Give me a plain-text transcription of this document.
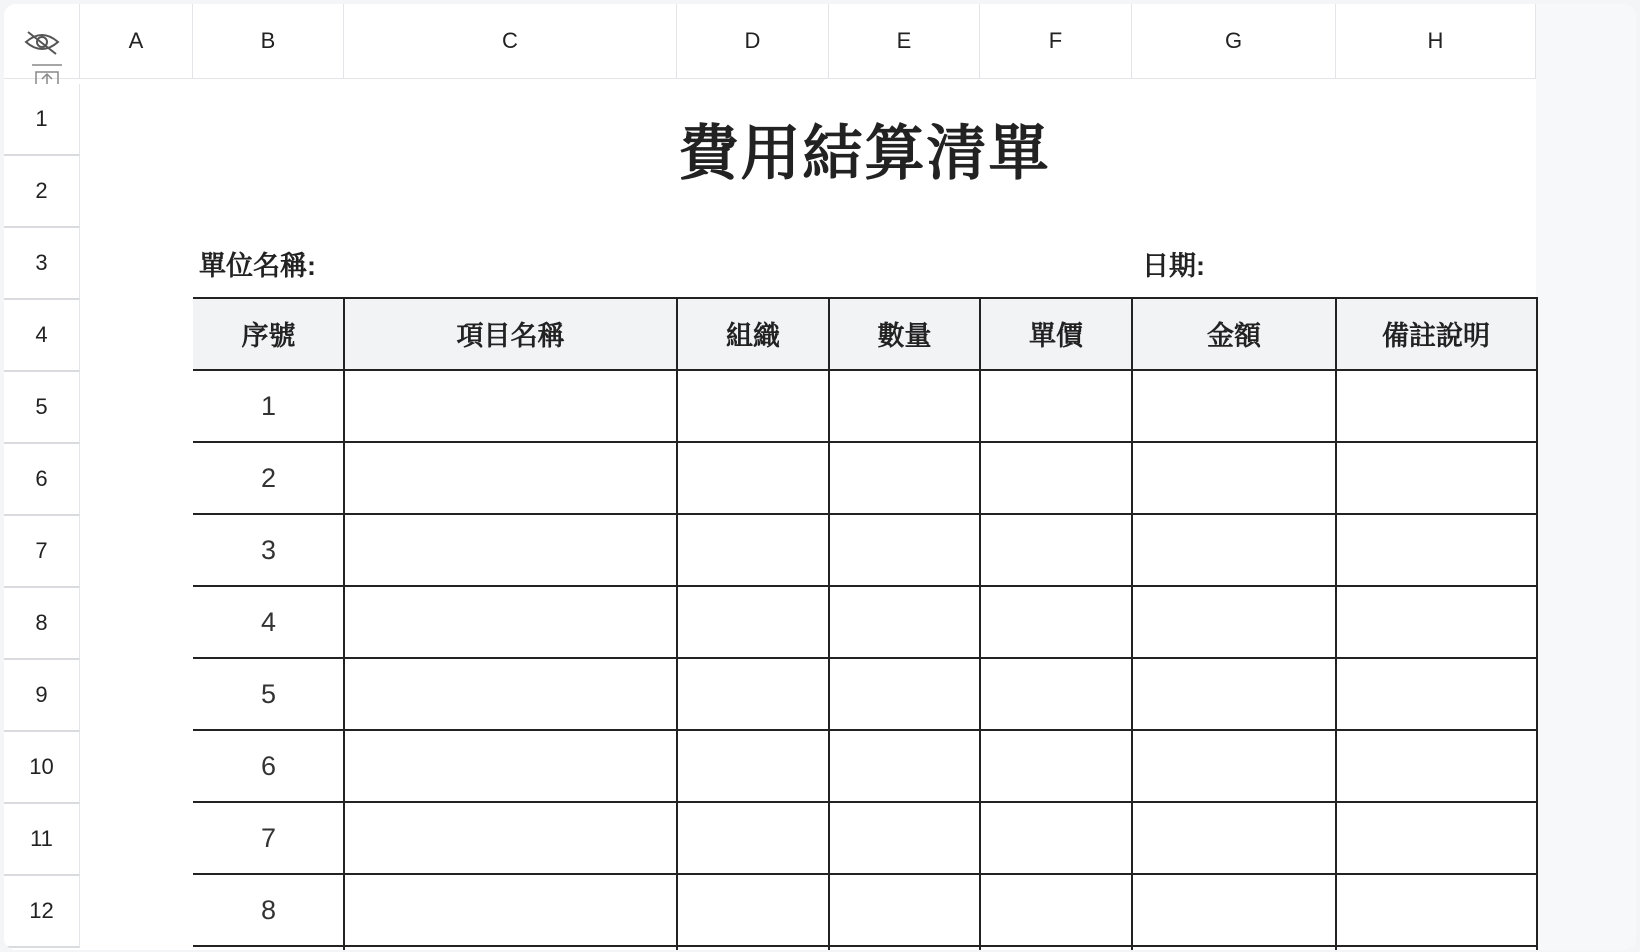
A	B	C	D	E	F	G	H
1
2
3
4
5
6
7
8
9
10
11
12
費用結算清單
單位名稱:	日期:
序號	項目名稱	組織	數量	單價	金額	備註說明
1
2
3
4
5
6
7
8
